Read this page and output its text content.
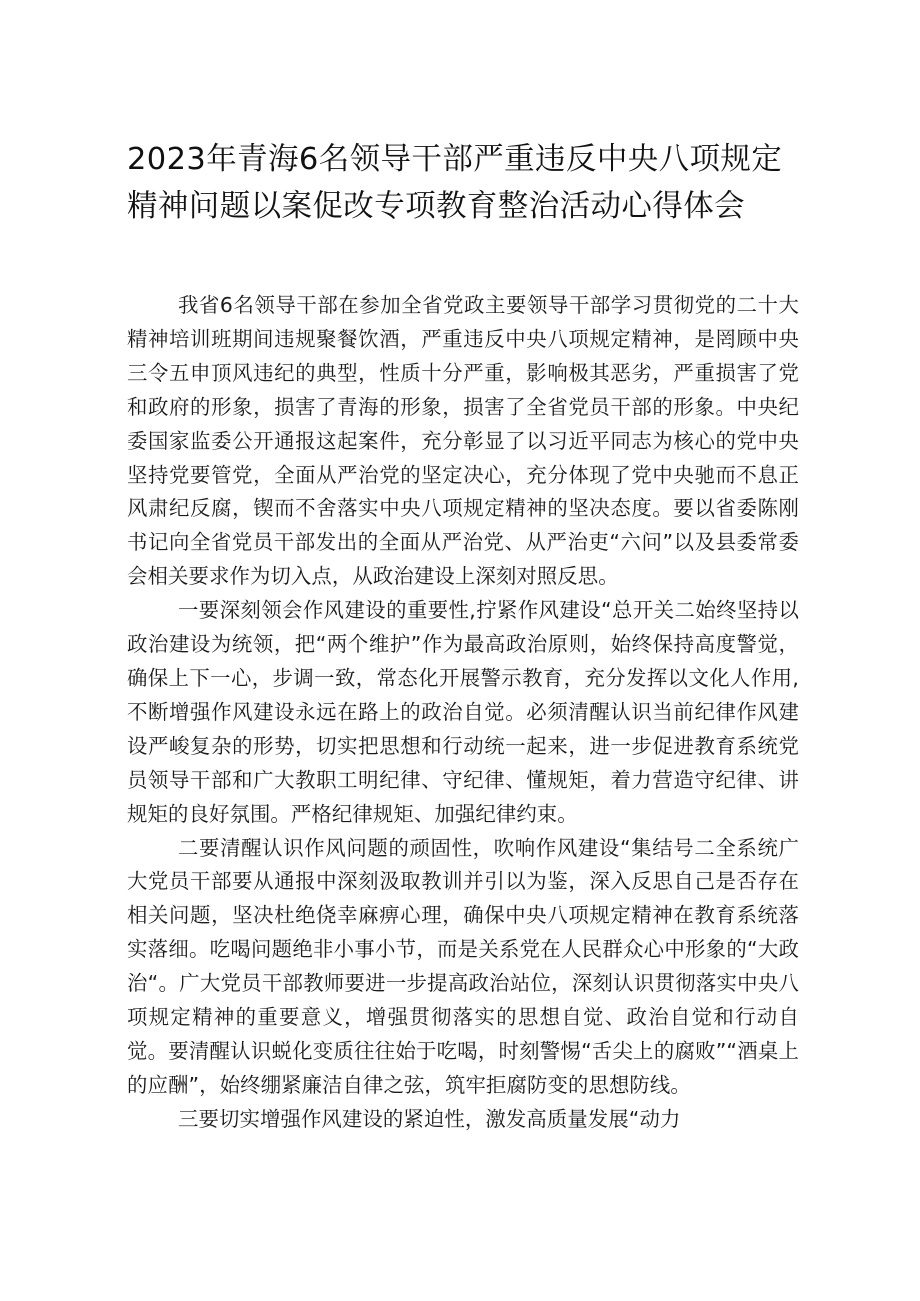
2023年青海6名领导干部严重违反中央八项规定精神问题以案促改专项教育整治活动心得体会

我省6名领导干部在参加全省党政主要领导干部学习贯彻党的二十大精神培训班期间违规聚餐饮酒，严重违反中央八项规定精神，是罔顾中央三令五申顶风违纪的典型，性质十分严重，影响极其恶劣，严重损害了党和政府的形象，损害了青海的形象，损害了全省党员干部的形象。中央纪委国家监委公开通报这起案件，充分彰显了以习近平同志为核心的党中央坚持党要管党，全面从严治党的坚定决心，充分体现了党中央驰而不息正风肃纪反腐，锲而不舍落实中央八项规定精神的坚决态度。要以省委陈刚书记向全省党员干部发出的全面从严治党、从严治吏“六问”以及县委常委会相关要求作为切入点，从政治建设上深刻对照反思。

一要深刻领会作风建设的重要性,拧紧作风建设“总开关二始终坚持以政治建设为统领，把“两个维护”作为最高政治原则，始终保持高度警觉，确保上下一心，步调一致，常态化开展警示教育，充分发挥以文化人作用,不断增强作风建设永远在路上的政治自觉。必须清醒认识当前纪律作风建设严峻复杂的形势，切实把思想和行动统一起来，进一步促进教育系统党员领导干部和广大教职工明纪律、守纪律、懂规矩，着力营造守纪律、讲规矩的良好氛围。严格纪律规矩、加强纪律约束。

二要清醒认识作风问题的顽固性，吹响作风建设“集结号二全系统广大党员干部要从通报中深刻汲取教训并引以为鉴，深入反思自己是否存在相关问题，坚决杜绝侥幸麻痹心理，确保中央八项规定精神在教育系统落实落细。吃喝问题绝非小事小节，而是关系党在人民群众心中形象的“大政治“。广大党员干部教师要进一步提高政治站位，深刻认识贯彻落实中央八项规定精神的重要意义，增强贯彻落实的思想自觉、政治自觉和行动自觉。要清醒认识蜕化变质往往始于吃喝，时刻警惕“舌尖上的腐败”“酒桌上的应酬”，始终绷紧廉洁自律之弦，筑牢拒腐防变的思想防线。

三要切实增强作风建设的紧迫性，激发高质量发展“动力
